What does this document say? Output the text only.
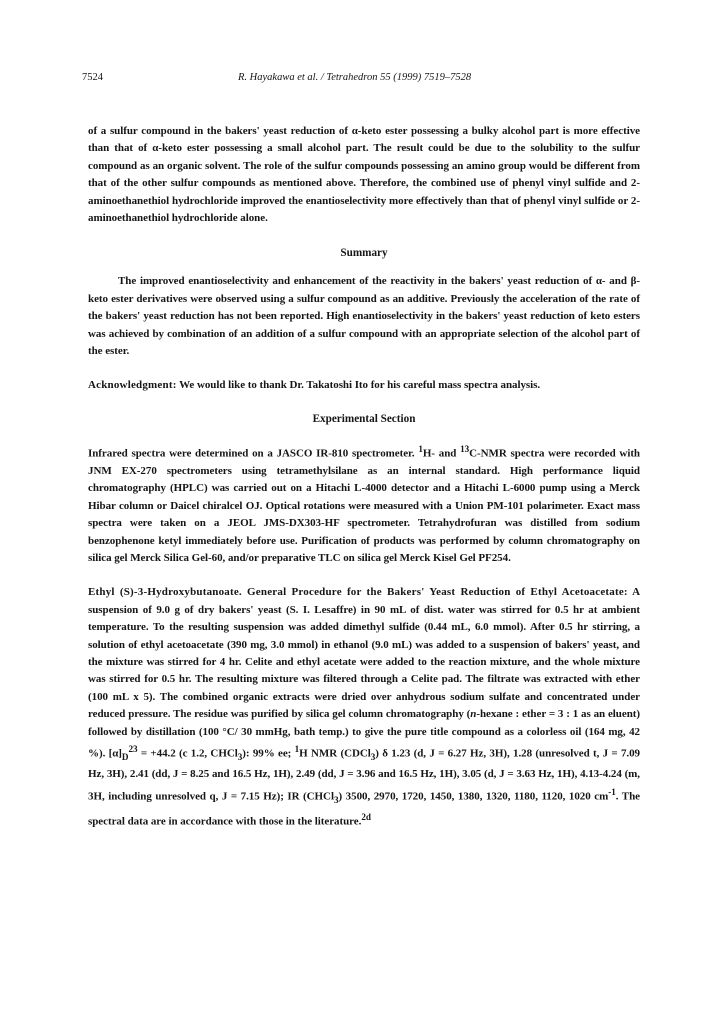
7524	R. Hayakawa et al. / Tetrahedron 55 (1999) 7519–7528

of a sulfur compound in the bakers' yeast reduction of α-keto ester possessing a bulky alcohol part is more effective than that of α-keto ester possessing a small alcohol part. The result could be due to the solubility to the sulfur compound as an organic solvent. The role of the sulfur compounds possessing an amino group would be different from that of the other sulfur compounds as mentioned above. Therefore, the combined use of phenyl vinyl sulfide and 2-aminoethanethiol hydrochloride improved the enantioselectivity more effectively than that of phenyl vinyl sulfide or 2-aminoethanethiol hydrochloride alone.

Summary

The improved enantioselectivity and enhancement of the reactivity in the bakers' yeast reduction of α- and β-keto ester derivatives were observed using a sulfur compound as an additive. Previously the acceleration of the rate of the bakers' yeast reduction has not been reported. High enantioselectivity in the bakers' yeast reduction of keto esters was achieved by combination of an addition of a sulfur compound with an appropriate selection of the alcohol part of the ester.

Acknowledgment: We would like to thank Dr. Takatoshi Ito for his careful mass spectra analysis.

Experimental Section

Infrared spectra were determined on a JASCO IR-810 spectrometer. $^1$H- and $^{13}$C-NMR spectra were recorded with JNM EX-270 spectrometers using tetramethylsilane as an internal standard. High performance liquid chromatography (HPLC) was carried out on a Hitachi L-4000 detector and a Hitachi L-6000 pump using a Merck Hibar column or Daicel chiralcel OJ. Optical rotations were measured with a Union PM-101 polarimeter. Exact mass spectra were taken on a JEOL JMS-DX303-HF spectrometer. Tetrahydrofuran was distilled from sodium benzophenone ketyl immediately before use. Purification of products was performed by column chromatography on silica gel Merck Silica Gel-60, and/or preparative TLC on silica gel Merck Kisel Gel PF254.

Ethyl (S)-3-Hydroxybutanoate. General Procedure for the Bakers' Yeast Reduction of Ethyl Acetoacetate: A suspension of 9.0 g of dry bakers' yeast (S. I. Lesaffre) in 90 mL of dist. water was stirred for 0.5 hr at ambient temperature. To the resulting suspension was added dimethyl sulfide (0.44 mL, 6.0 mmol). After 0.5 hr stirring, a solution of ethyl acetoacetate (390 mg, 3.0 mmol) in ethanol (9.0 mL) was added to a suspension of bakers' yeast, and the mixture was stirred for 4 hr. Celite and ethyl acetate were added to the reaction mixture, and the whole mixture was stirred for 0.5 hr. The resulting mixture was filtered through a Celite pad. The filtrate was extracted with ether (100 mL x 5). The combined organic extracts were dried over anhydrous sodium sulfate and concentrated under reduced pressure. The residue was purified by silica gel column chromatography (n-hexane : ether = 3 : 1 as an eluent) followed by distillation (100 °C/ 30 mmHg, bath temp.) to give the pure title compound as a colorless oil (164 mg, 42 %). $[\alpha]_D^{23} = +44.2$ (c 1.2, CHCl$_3$): 99% ee; $^1$H NMR (CDCl$_3$) δ 1.23 (d, J = 6.27 Hz, 3H), 1.28 (unresolved t, J = 7.09 Hz, 3H), 2.41 (dd, J = 8.25 and 16.5 Hz, 1H), 2.49 (dd, J = 3.96 and 16.5 Hz, 1H), 3.05 (d, J = 3.63 Hz, 1H), 4.13-4.24 (m, 3H, including unresolved q, J = 7.15 Hz); IR (CHCl$_3$) 3500, 2970, 1720, 1450, 1380, 1320, 1180, 1120, 1020 $cm^{-1}$. The spectral data are in accordance with those in the literature.$^{2d}$
